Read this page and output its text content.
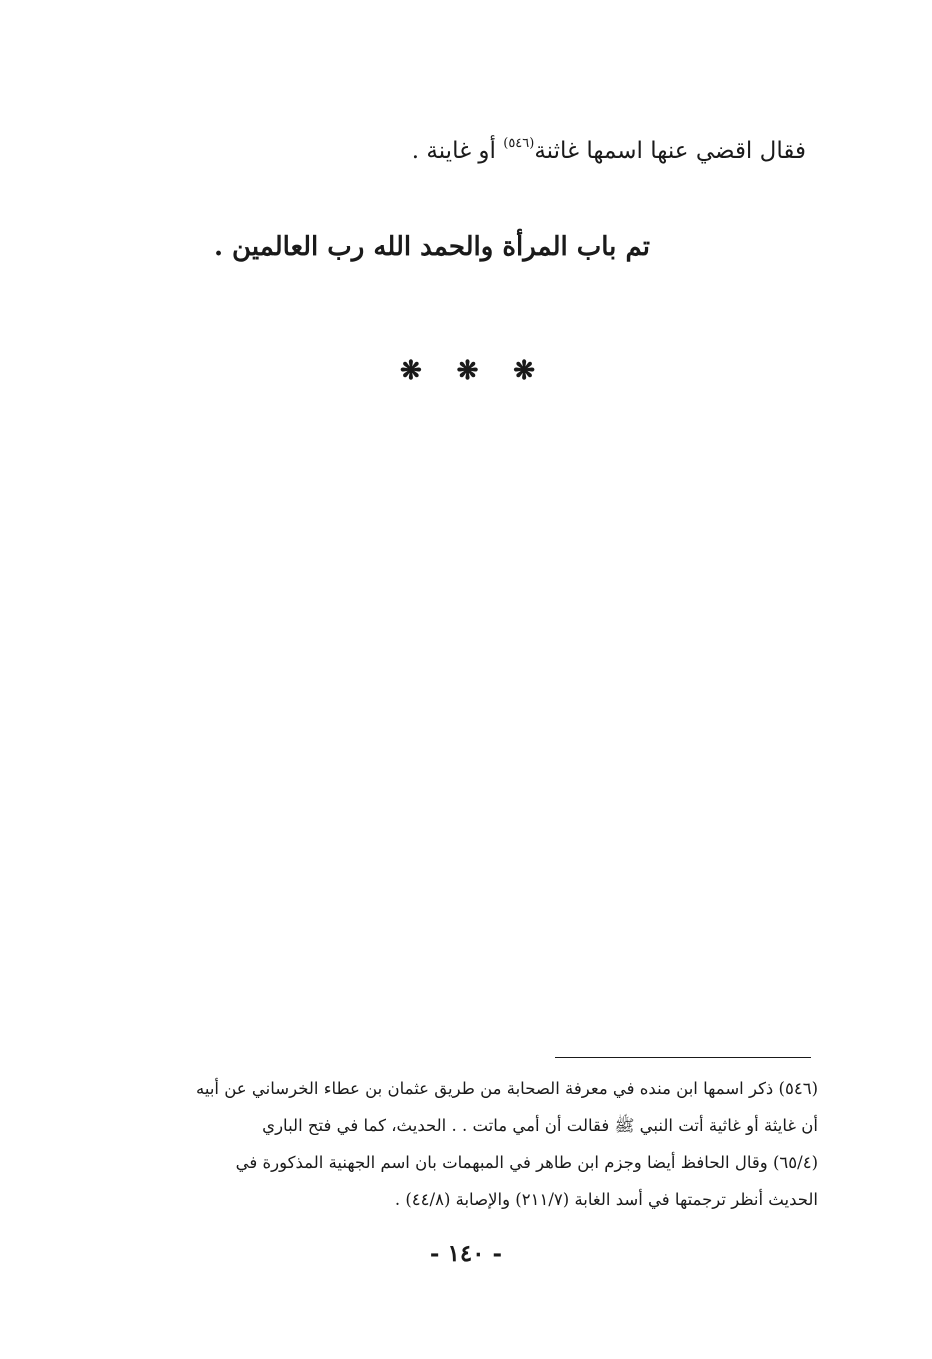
فقال اقضي عنها اسمها غاثنة$^{(٥٤٦)}$ أو غاينة .
تم باب المرأة والحمد الله رب العالمين .
❋ ❋ ❋

(٥٤٦) ذكر اسمها ابن منده في معرفة الصحابة من طريق عثمان بن عطاء الخرساني عن أبيه

أن غايثة أو غاثية أتت النبي ﷺ فقالت أن أمي ماتت . . الحديث، كما في فتح الباري

(٦٥/٤) وقال الحافظ أيضا وجزم ابن طاهر في المبهمات بان اسم الجهنية المذكورة في

الحديث أنظر ترجمتها في أسد الغابة (٢١١/٧) والإصابة (٤٤/٨) .

- ١٤٠ -
